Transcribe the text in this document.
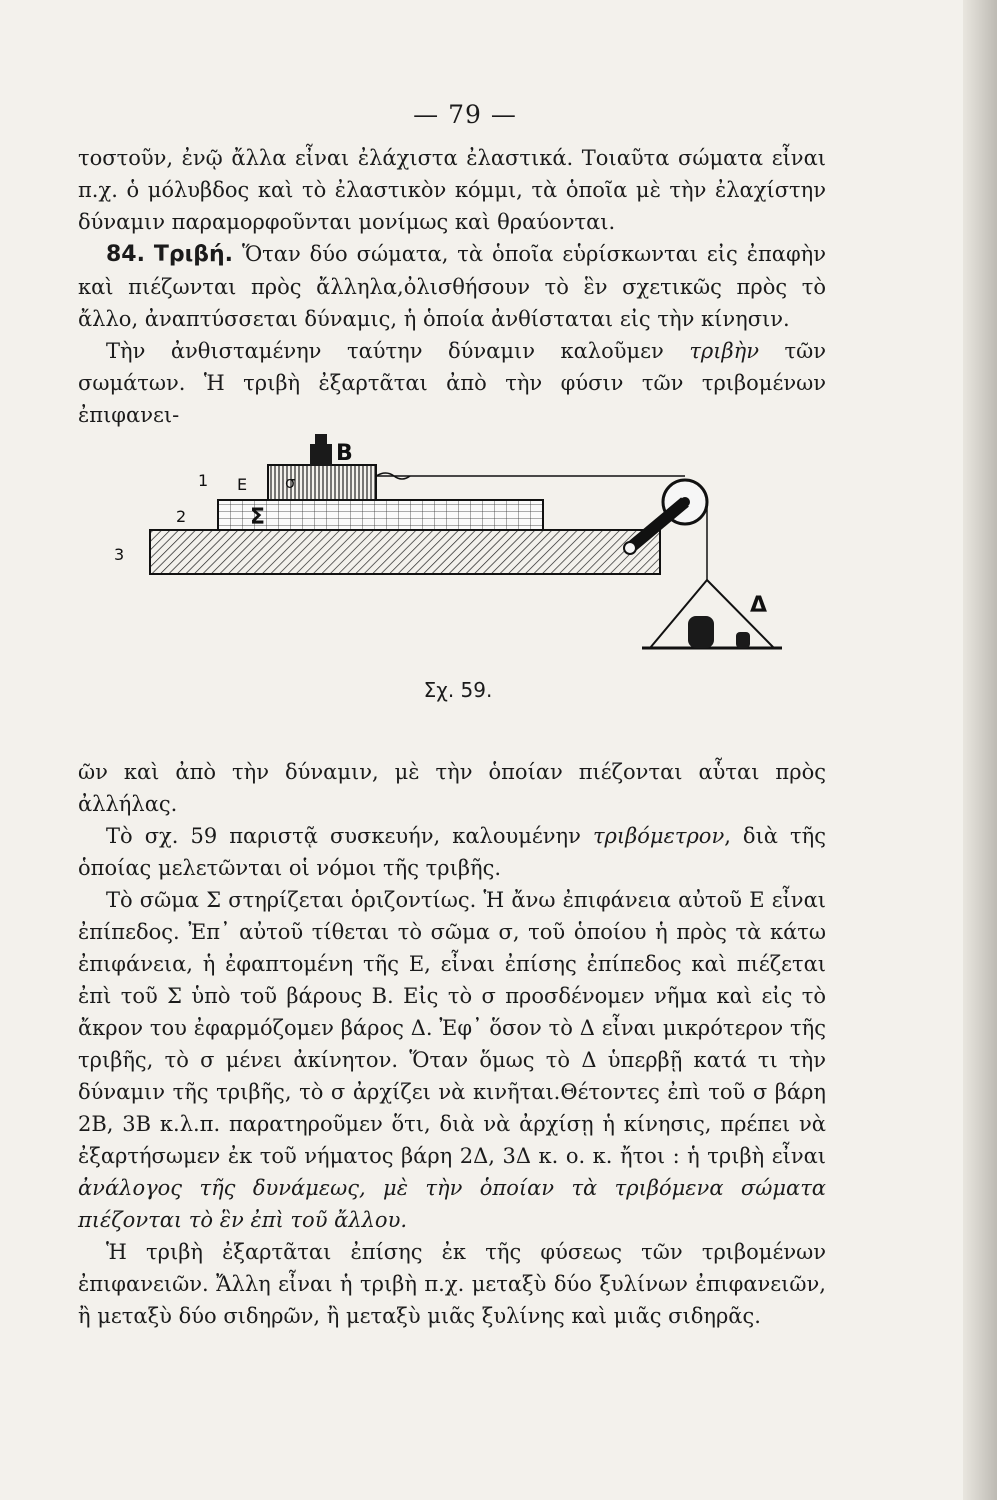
— 79 —

τοστοῦν, ἐνῷ ἄλλα εἶναι ἐλάχιστα ἐλαστικά. Τοιαῦτα σώματα εἶναι π.χ. ὁ μόλυβδος καὶ τὸ ἐλαστικὸν κόμμι, τὰ ὁποῖα μὲ τὴν ἐλαχίστην δύναμιν παραμορφοῦνται μονίμως καὶ θραύονται.

84. Τριβή. Ὅταν δύο σώματα, τὰ ὁποῖα εὑρίσκωνται εἰς ἐπαφὴν καὶ πιέζωνται πρὸς ἄλληλα,ὀλισθήσουν τὸ ἓν σχετικῶς πρὸς τὸ ἄλλο, ἀναπτύσσεται δύναμις, ἡ ὁποία ἀνθίσταται εἰς τὴν κίνησιν.

Τὴν ἀνθισταμένην ταύτην δύναμιν καλοῦμεν τριβὴν τῶν σωμάτων. Ἡ τριβὴ ἐξαρτᾶται ἀπὸ τὴν φύσιν τῶν τριβομένων ἐπιφανει-

B
E σ
Σ
Δ
1
2
3
Σχ. 59.

ῶν καὶ ἀπὸ τὴν δύναμιν, μὲ τὴν ὁποίαν πιέζονται αὗται πρὸς ἀλλήλας.

Τὸ σχ. 59 παριστᾷ συσκευήν, καλουμένην τριβόμετρον, διὰ τῆς ὁποίας μελετῶνται οἱ νόμοι τῆς τριβῆς.

Τὸ σῶμα Σ στηρίζεται ὁριζοντίως. Ἡ ἄνω ἐπιφάνεια αὐτοῦ Ε εἶναι ἐπίπεδος. Ἐπ᾽ αὐτοῦ τίθεται τὸ σῶμα σ, τοῦ ὁποίου ἡ πρὸς τὰ κάτω ἐπιφάνεια, ἡ ἐφαπτομένη τῆς Ε, εἶναι ἐπίσης ἐπίπεδος καὶ πιέζεται ἐπὶ τοῦ Σ ὑπὸ τοῦ βάρους Β. Εἰς τὸ σ προσδένομεν νῆμα καὶ εἰς τὸ ἄκρον του ἐφαρμόζομεν βάρος Δ. Ἐφ᾽ ὅσον τὸ Δ εἶναι μικρότερον τῆς τριβῆς, τὸ σ μένει ἀκίνητον. Ὅταν ὅμως τὸ Δ ὑπερβῇ κατά τι τὴν δύναμιν τῆς τριβῆς, τὸ σ ἀρχίζει νὰ κινῆται.Θέτοντες ἐπὶ τοῦ σ βάρη 2Β, 3Β κ.λ.π. παρατηροῦμεν ὅτι, διὰ νὰ ἀρχίσῃ ἡ κίνησις, πρέπει νὰ ἐξαρτήσωμεν ἐκ τοῦ νήματος βάρη 2Δ, 3Δ κ. ο. κ. ἤτοι : ἡ τριβὴ εἶναι ἀνάλογος τῆς δυνάμεως, μὲ τὴν ὁποίαν τὰ τριβόμενα σώματα πιέζονται τὸ ἓν ἐπὶ τοῦ ἄλλου.

Ἡ τριβὴ ἐξαρτᾶται ἐπίσης ἐκ τῆς φύσεως τῶν τριβομένων ἐπιφανειῶν. Ἄλλη εἶναι ἡ τριβὴ π.χ. μεταξὺ δύο ξυλίνων ἐπιφανειῶν, ἢ μεταξὺ δύο σιδηρῶν, ἢ μεταξὺ μιᾶς ξυλίνης καὶ μιᾶς σιδηρᾶς.
